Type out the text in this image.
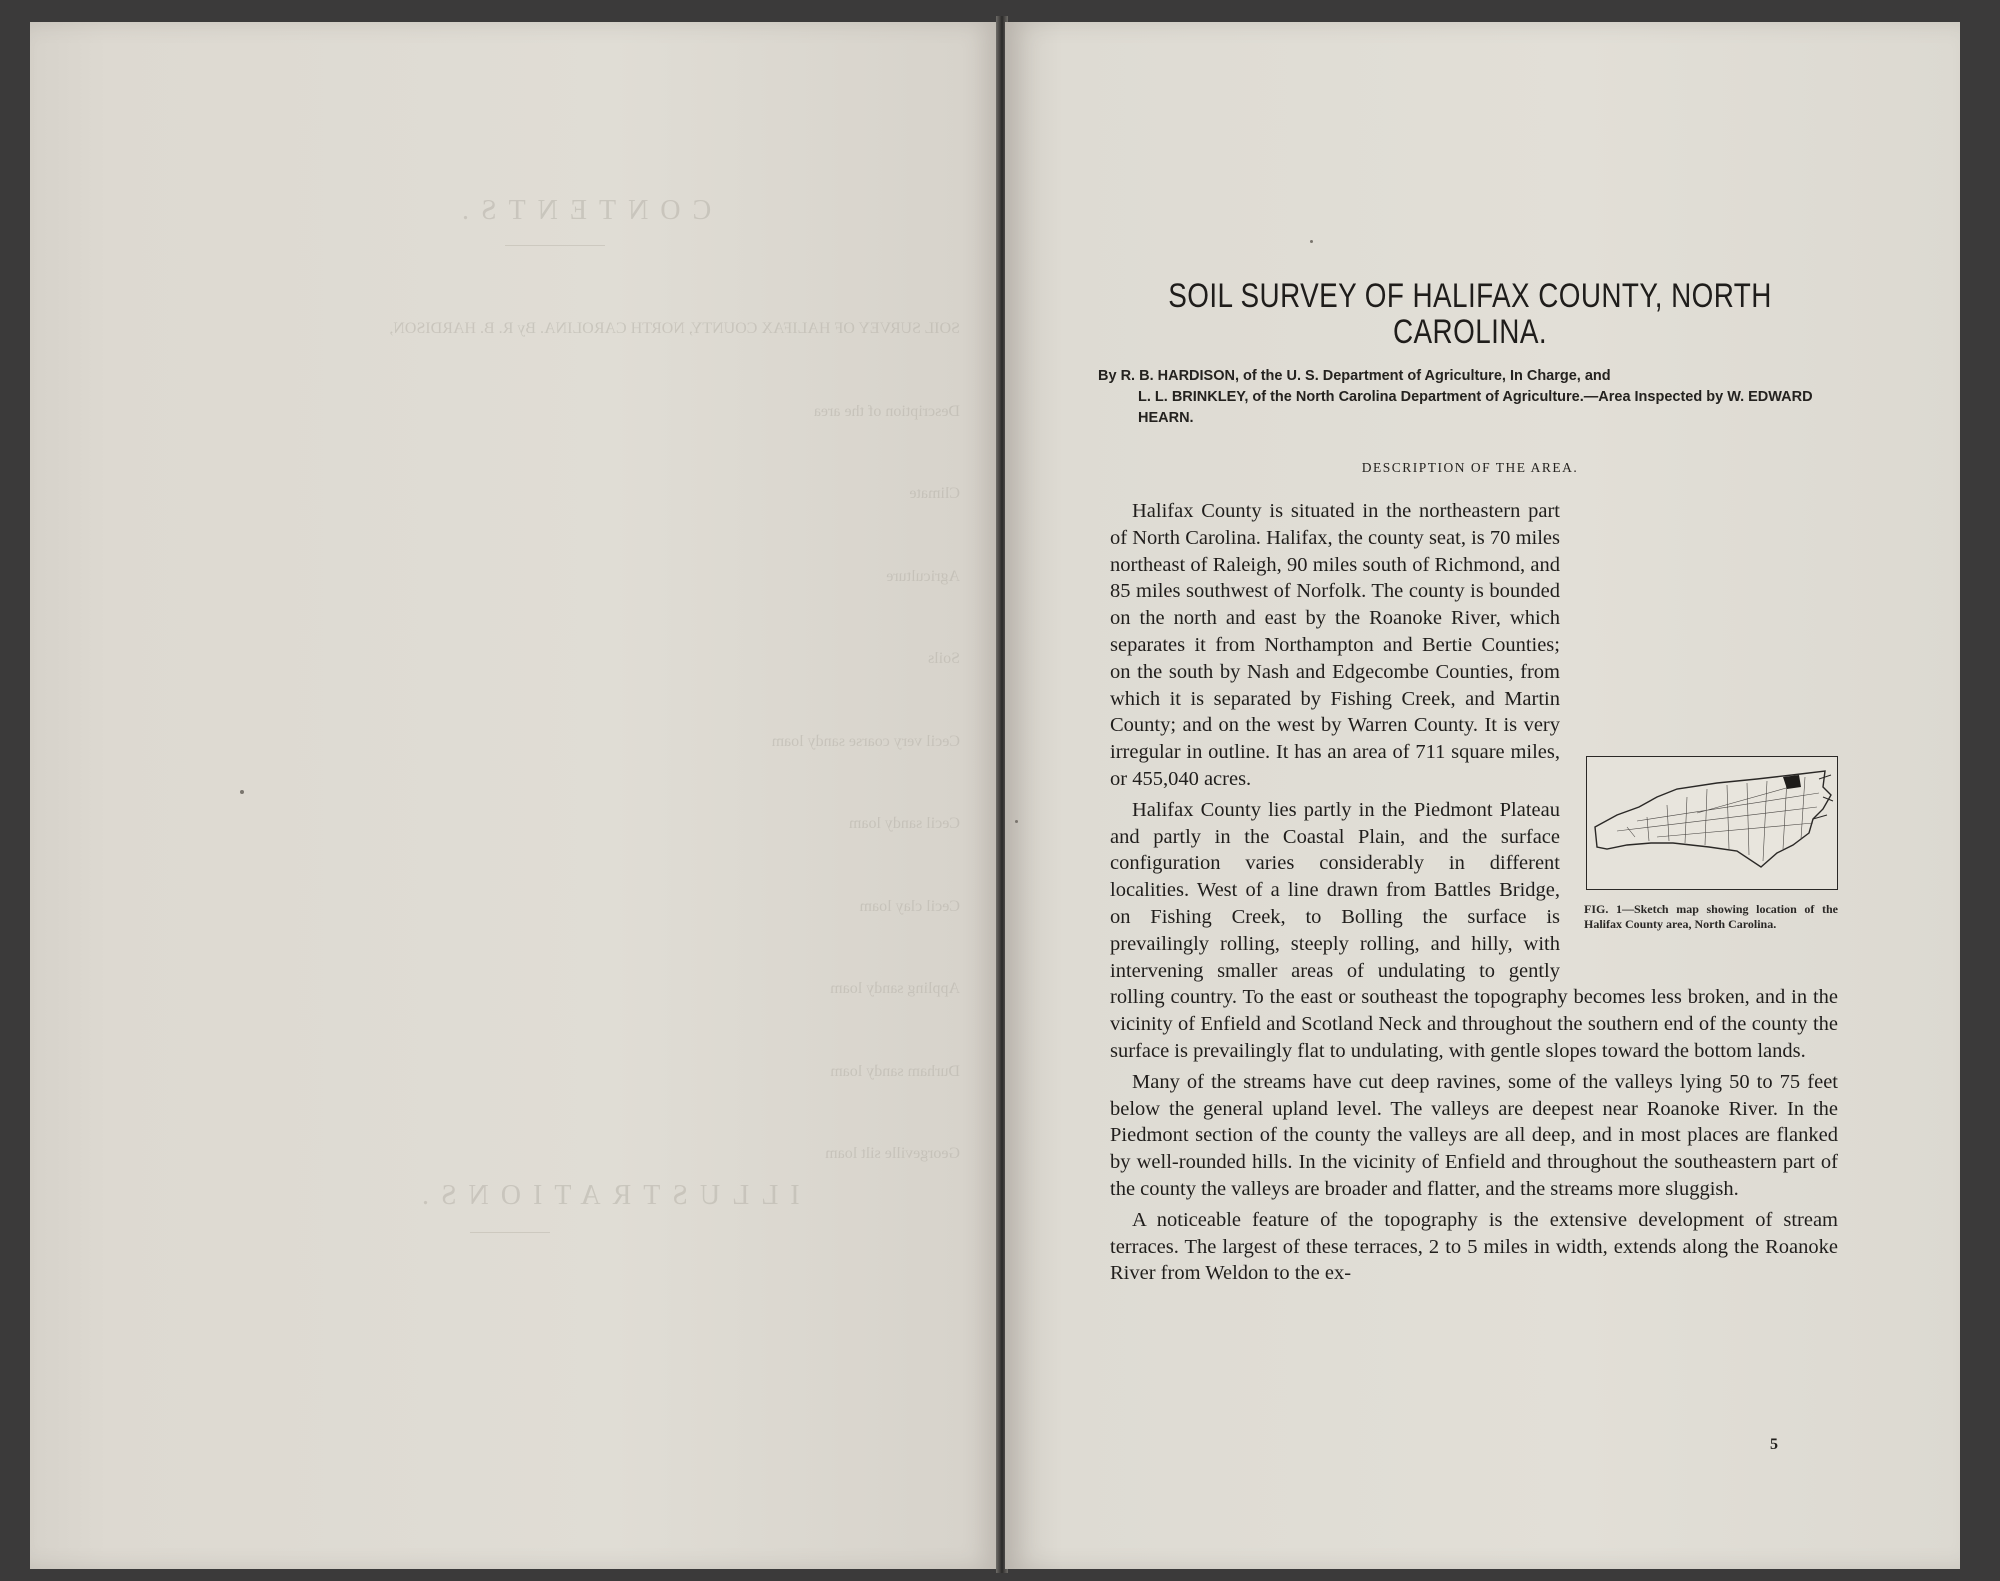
CONTENTS.

SOIL SURVEY OF HALIFAX COUNTY, NORTH CAROLINA. By R. B. HARDISON,

Description of the area

Climate

Agriculture

Soils

Cecil very coarse sandy loam

Cecil sandy loam

Cecil clay loam

Appling sandy loam

Durham sandy loam

Georgeville silt loam

ILLUSTRATIONS.
SOIL SURVEY OF HALIFAX COUNTY, NORTH CAROLINA.
By R. B. HARDISON, of the U. S. Department of Agriculture, In Charge, and
L. L. BRINKLEY, of the North Carolina Department of Agriculture.—Area Inspected by W. EDWARD HEARN.
DESCRIPTION OF THE AREA.

FIG. 1—Sketch map showing location of the Halifax County area, North Carolina.
Halifax County is situated in the northeastern part of North Carolina. Halifax, the county seat, is 70 miles northeast of Raleigh, 90 miles south of Richmond, and 85 miles southwest of Norfolk. The county is bounded on the north and east by the Roanoke River, which separates it from Northampton and Bertie Counties; on the south by Nash and Edgecombe Counties, from which it is separated by Fishing Creek, and Martin County; and on the west by Warren County. It is very irregular in outline. It has an area of 711 square miles, or 455,040 acres.

Halifax County lies partly in the Piedmont Plateau and partly in the Coastal Plain, and the surface configuration varies considerably in different localities. West of a line drawn from Battles Bridge, on Fishing Creek, to Bolling the surface is prevailingly rolling, steeply rolling, and hilly, with intervening smaller areas of undulating to gently rolling country. To the east or southeast the topography becomes less broken, and in the vicinity of Enfield and Scotland Neck and throughout the southern end of the county the surface is prevailingly flat to undulating, with gentle slopes toward the bottom lands.

Many of the streams have cut deep ravines, some of the valleys lying 50 to 75 feet below the general upland level. The valleys are deepest near Roanoke River. In the Piedmont section of the county the valleys are all deep, and in most places are flanked by well-rounded hills. In the vicinity of Enfield and throughout the southeastern part of the county the valleys are broader and flatter, and the streams more sluggish.

A noticeable feature of the topography is the extensive development of stream terraces. The largest of these terraces, 2 to 5 miles in width, extends along the Roanoke River from Weldon to the ex-

5
